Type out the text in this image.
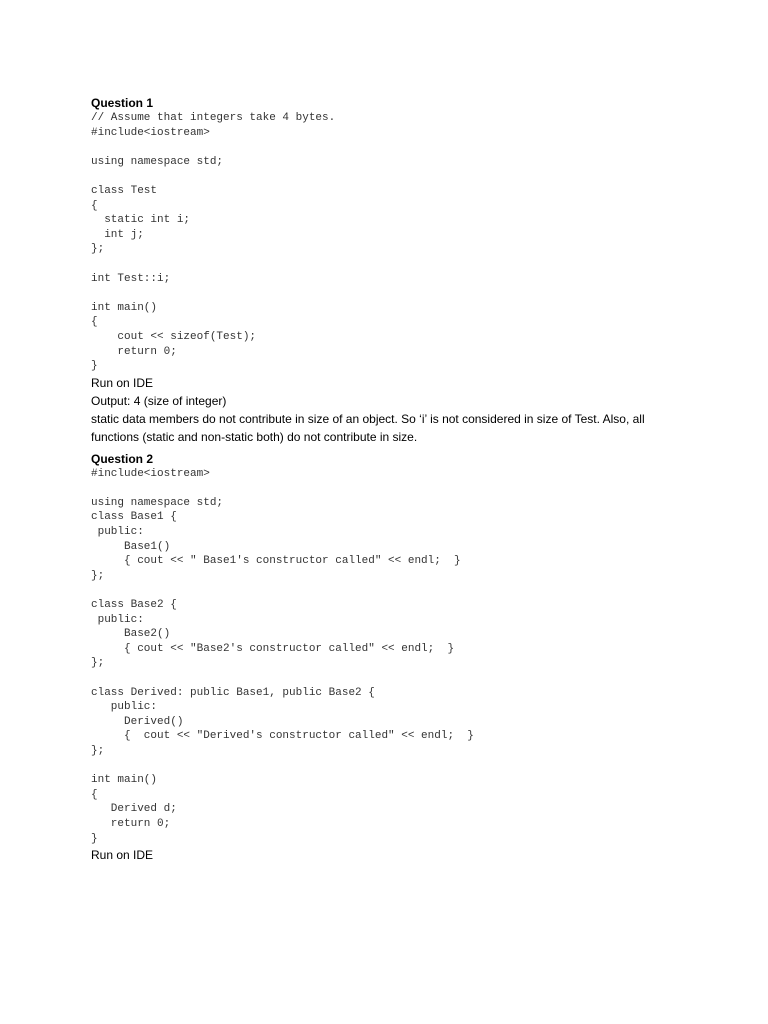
Question 1
// Assume that integers take 4 bytes.
#include<iostream>
using namespace std;
class Test
{
static int i;
int j;
};
int Test::i;
int main()
{
cout << sizeof(Test);
return 0;
}
Run on IDE
Output: 4 (size of integer)
static data members do not contribute in size of an object. So ‘i’ is not considered in size of Test. Also, all functions (static and non-static both) do not contribute in size.
Question 2
#include<iostream>
using namespace std;
class Base1 {
public:
Base1()
{ cout << " Base1's constructor called" << endl;  }
};
class Base2 {
public:
Base2()
{ cout << "Base2's constructor called" << endl;  }
};
class Derived: public Base1, public Base2 {
public:
Derived()
{  cout << "Derived's constructor called" << endl;  }
};
int main()
{
Derived d;
return 0;
}
Run on IDE
